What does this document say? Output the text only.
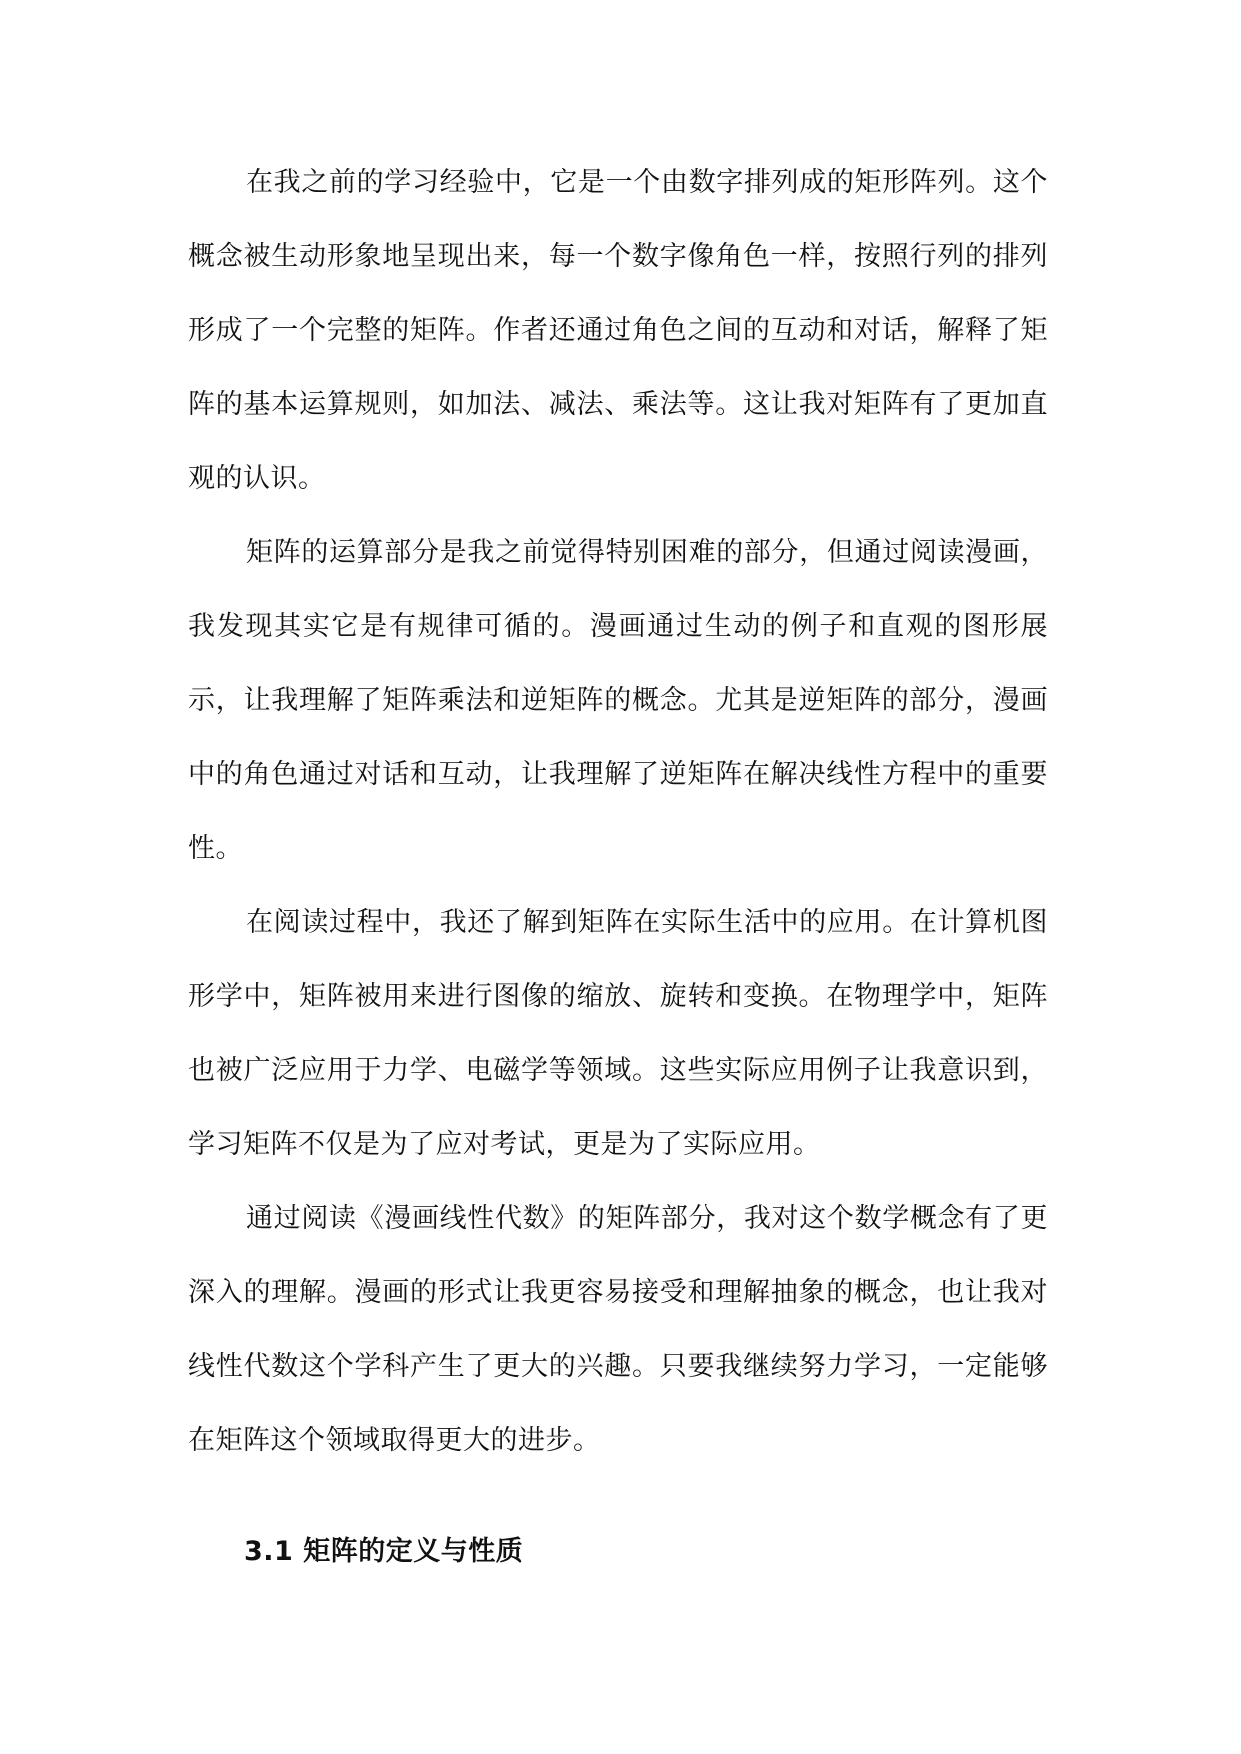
在我之前的学习经验中，它是一个由数字排列成的矩形阵列。这个概念被生动形象地呈现出来，每一个数字像角色一样，按照行列的排列形成了一个完整的矩阵。作者还通过角色之间的互动和对话，解释了矩阵的基本运算规则，如加法、减法、乘法等。这让我对矩阵有了更加直观的认识。

矩阵的运算部分是我之前觉得特别困难的部分，但通过阅读漫画，我发现其实它是有规律可循的。漫画通过生动的例子和直观的图形展示，让我理解了矩阵乘法和逆矩阵的概念。尤其是逆矩阵的部分，漫画中的角色通过对话和互动，让我理解了逆矩阵在解决线性方程中的重要性。

在阅读过程中，我还了解到矩阵在实际生活中的应用。在计算机图形学中，矩阵被用来进行图像的缩放、旋转和变换。在物理学中，矩阵也被广泛应用于力学、电磁学等领域。这些实际应用例子让我意识到，学习矩阵不仅是为了应对考试，更是为了实际应用。

通过阅读《漫画线性代数》的矩阵部分，我对这个数学概念有了更深入的理解。漫画的形式让我更容易接受和理解抽象的概念，也让我对线性代数这个学科产生了更大的兴趣。只要我继续努力学习，一定能够在矩阵这个领域取得更大的进步。

3.1 矩阵的定义与性质
